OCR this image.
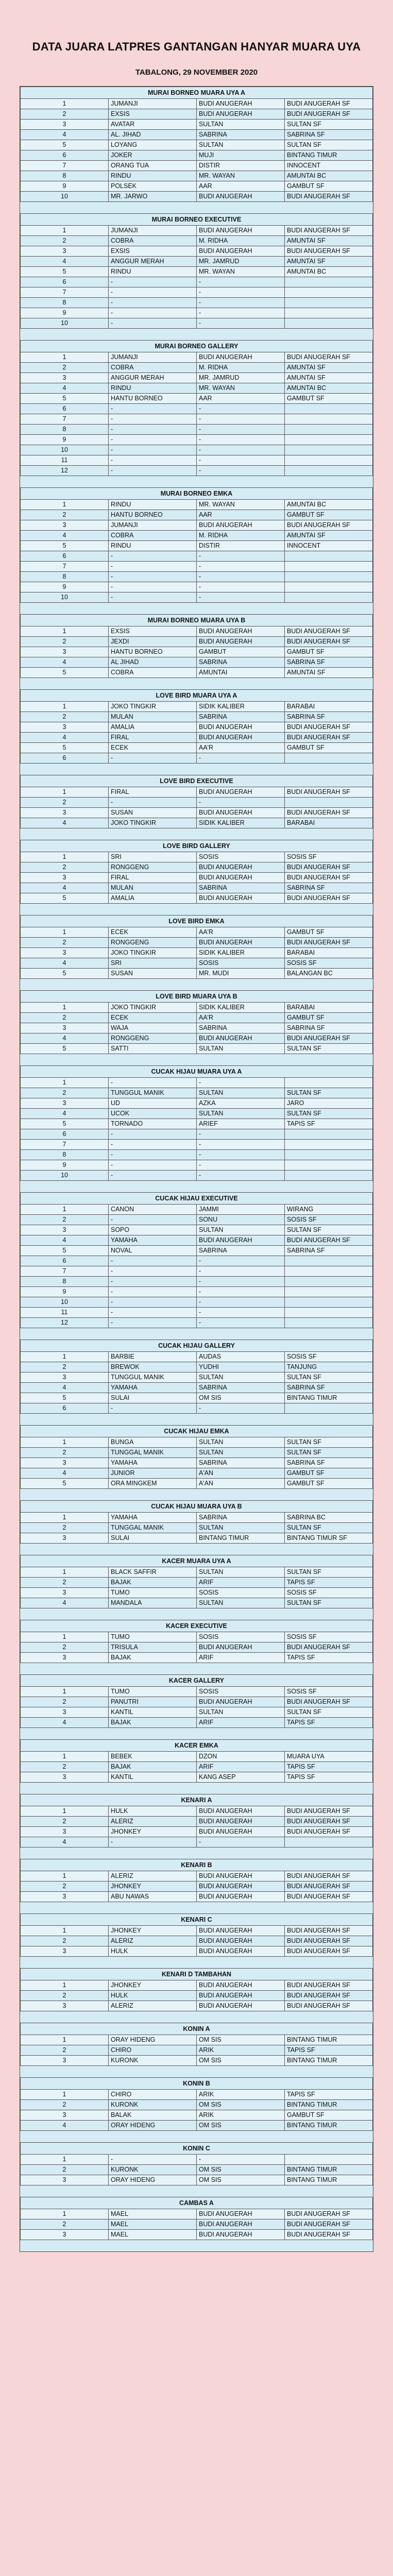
DATA JUARA LATPRES GANTANGAN HANYAR MUARA UYA
TABALONG, 29 NOVEMBER 2020
MURAI BORNEO MUARA UYA A			
1	JUMANJI	BUDI ANUGERAH	BUDI ANUGERAH SF
2	EXSIS	BUDI ANUGERAH	BUDI ANUGERAH SF
3	AVATAR	SULTAN	SULTAN SF
4	AL. JIHAD	SABRINA	SABRINA SF
5	LOYANG	SULTAN	SULTAN SF
6	JOKER	MUJI	BINTANG TIMUR
7	ORANG TUA	DISTIR	INNOCENT
8	RINDU	MR. WAYAN	AMUNTAI BC
9	POLSEK	AAR	GAMBUT SF
10	MR. JARWO	BUDI ANUGERAH	BUDI ANUGERAH SF
MURAI BORNEO EXECUTIVE			
1	JUMANJI	BUDI ANUGERAH	BUDI ANUGERAH SF
2	COBRA	M. RIDHA	AMUNTAI SF
3	EXSIS	BUDI ANUGERAH	BUDI ANUGERAH SF
4	ANGGUR MERAH	MR. JAMRUD	AMUNTAI SF
5	RINDU	MR. WAYAN	AMUNTAI BC
6	-	-	
7	-	-	
8	-	-	
9	-	-	
10	-	-	
MURAI BORNEO GALLERY			
1	JUMANJI	BUDI ANUGERAH	BUDI ANUGERAH SF
2	COBRA	M. RIDHA	AMUNTAI SF
3	ANGGUR MERAH	MR. JAMRUD	AMUNTAI SF
4	RINDU	MR. WAYAN	AMUNTAI BC
5	HANTU BORNEO	AAR	GAMBUT SF
6	-	-	
7	-	-	
8	-	-	
9	-	-	
10	-	-	
11	-	-	
12	-	-	
MURAI BORNEO EMKA			
1	RINDU	MR. WAYAN	AMUNTAI BC
2	HANTU BORNEO	AAR	GAMBUT SF
3	JUMANJI	BUDI ANUGERAH	BUDI ANUGERAH SF
4	COBRA	M. RIDHA	AMUNTAI SF
5	RINDU	DISTIR	INNOCENT
6	-	-	
7	-	-	
8	-	-	
9	-	-	
10	-	-	
MURAI BORNEO MUARA UYA B			
1	EXSIS	BUDI ANUGERAH	BUDI ANUGERAH SF
2	JEXDI	BUDI ANUGERAH	BUDI ANUGERAH SF
3	HANTU BORNEO	GAMBUT	GAMBUT SF
4	AL JIHAD	SABRINA	SABRINA SF
5	COBRA	AMUNTAI	AMUNTAI SF
LOVE BIRD MUARA UYA A			
1	JOKO TINGKIR	SIDIK KALIBER	BARABAI
2	MULAN	SABRINA	SABRINA SF
3	AMALIA	BUDI ANUGERAH	BUDI ANUGERAH SF
4	FIRAL	BUDI ANUGERAH	BUDI ANUGERAH SF
5	ECEK	AA'R	GAMBUT SF
6	-	-	
LOVE BIRD EXECUTIVE			
1	FIRAL	BUDI ANUGERAH	BUDI ANUGERAH SF
2	-	-	
3	SUSAN	BUDI ANUGERAH	BUDI ANUGERAH SF
4	JOKO TINGKIR	SIDIK KALIBER	BARABAI
LOVE BIRD GALLERY			
1	SRI	SOSIS	SOSIS SF
2	RONGGENG	BUDI ANUGERAH	BUDI ANUGERAH SF
3	FIRAL	BUDI ANUGERAH	BUDI ANUGERAH SF
4	MULAN	SABRINA	SABRINA SF
5	AMALIA	BUDI ANUGERAH	BUDI ANUGERAH SF
LOVE BIRD EMKA			
1	ECEK	AA'R	GAMBUT SF
2	RONGGENG	BUDI ANUGERAH	BUDI ANUGERAH SF
3	JOKO TINGKIR	SIDIK KALIBER	BARABAI
4	SRI	SOSIS	SOSIS SF
5	SUSAN	MR. MUDI	BALANGAN BC
LOVE BIRD MUARA UYA B			
1	JOKO TINGKIR	SIDIK KALIBER	BARABAI
2	ECEK	AA'R	GAMBUT SF
3	WAJA	SABRINA	SABRINA SF
4	RONGGENG	BUDI ANUGERAH	BUDI ANUGERAH SF
5	SATTI	SULTAN	SULTAN SF
CUCAK HIJAU MUARA UYA A			
1	-	-	
2	TUNGGUL MANIK	SULTAN	SULTAN SF
3	UD	AZKA	JARO
4	UCOK	SULTAN	SULTAN SF
5	TORNADO	ARIEF	TAPIS SF
6	-	-	
7	-	-	
8	-	-	
9	-	-	
10	-	-	
CUCAK HIJAU EXECUTIVE			
1	CANON	JAMMI	WIRANG
2	-	SONU	SOSIS SF
3	SOPO	SULTAN	SULTAN SF
4	YAMAHA	BUDI ANUGERAH	BUDI ANUGERAH SF
5	NOVAL	SABRINA	SABRINA SF
6	-	-	
7	-	-	
8	-	-	
9	-	-	
10	-	-	
11	-	-	
12	-	-	
CUCAK HIJAU GALLERY			
1	BARBIE	AUDAS	SOSIS SF
2	BREWOK	YUDHI	TANJUNG
3	TUNGGUL MANIK	SULTAN	SULTAN SF
4	YAMAHA	SABRINA	SABRINA SF
5	SULAI	OM SIS	BINTANG TIMUR
6	-	-	
CUCAK HIJAU EMKA			
1	BUNGA	SULTAN	SULTAN SF
2	TUNGGAL MANIK	SULTAN	SULTAN SF
3	YAMAHA	SABRINA	SABRINA SF
4	JUNIOR	A'AN	GAMBUT SF
5	ORA MINGKEM	A'AN	GAMBUT SF
CUCAK HIJAU MUARA UYA B			
1	YAMAHA	SABRINA	SABRINA BC
2	TUNGGAL MANIK	SULTAN	SULTAN SF
3	SULAI	BINTANG TIMUR	BINTANG TIMUR SF
KACER MUARA UYA A			
1	BLACK SAFFIR	SULTAN	SULTAN SF
2	BAJAK	ARIF	TAPIS SF
3	TUMO	SOSIS	SOSIS SF
4	MANDALA	SULTAN	SULTAN SF
KACER EXECUTIVE			
1	TUMO	SOSIS	SOSIS SF
2	TRISULA	BUDI ANUGERAH	BUDI ANUGERAH SF
3	BAJAK	ARIF	TAPIS SF
KACER GALLERY			
1	TUMO	SOSIS	SOSIS SF
2	PANUTRI	BUDI ANUGERAH	BUDI ANUGERAH SF
3	KANTIL	SULTAN	SULTAN SF
4	BAJAK	ARIF	TAPIS SF
KACER EMKA			
1	BEBEK	DZON	MUARA UYA
2	BAJAK	ARIF	TAPIS SF
3	KANTIL	KANG ASEP	TAPIS SF
KENARI A			
1	HULK	BUDI ANUGERAH	BUDI ANUGERAH SF
2	ALERIZ	BUDI ANUGERAH	BUDI ANUGERAH SF
3	JHONKEY	BUDI ANUGERAH	BUDI ANUGERAH SF
4	-	-	
KENARI B			
1	ALERIZ	BUDI ANUGERAH	BUDI ANUGERAH SF
2	JHONKEY	BUDI ANUGERAH	BUDI ANUGERAH SF
3	ABU NAWAS	BUDI ANUGERAH	BUDI ANUGERAH SF
KENARI C			
1	JHONKEY	BUDI ANUGERAH	BUDI ANUGERAH SF
2	ALERIZ	BUDI ANUGERAH	BUDI ANUGERAH SF
3	HULK	BUDI ANUGERAH	BUDI ANUGERAH SF
KENARI D TAMBAHAN			
1	JHONKEY	BUDI ANUGERAH	BUDI ANUGERAH SF
2	HULK	BUDI ANUGERAH	BUDI ANUGERAH SF
3	ALERIZ	BUDI ANUGERAH	BUDI ANUGERAH SF
KONIN A			
1	ORAY HIDENG	OM SIS	BINTANG TIMUR
2	CHIRO	ARIK	TAPIS SF
3	KURONK	OM SIS	BINTANG TIMUR
KONIN B			
1	CHIRO	ARIK	TAPIS SF
2	KURONK	OM SIS	BINTANG TIMUR
3	BALAK	ARIK	GAMBUT SF
4	ORAY HIDENG	OM SIS	BINTANG TIMUR
KONIN C			
1	-	-	
2	KURONK	OM SIS	BINTANG TIMUR
3	ORAY HIDENG	OM SIS	BINTANG TIMUR
CAMBAS A			
1	MAEL	BUDI ANUGERAH	BUDI ANUGERAH SF
2	MAEL	BUDI ANUGERAH	BUDI ANUGERAH SF
3	MAEL	BUDI ANUGERAH	BUDI ANUGERAH SF
